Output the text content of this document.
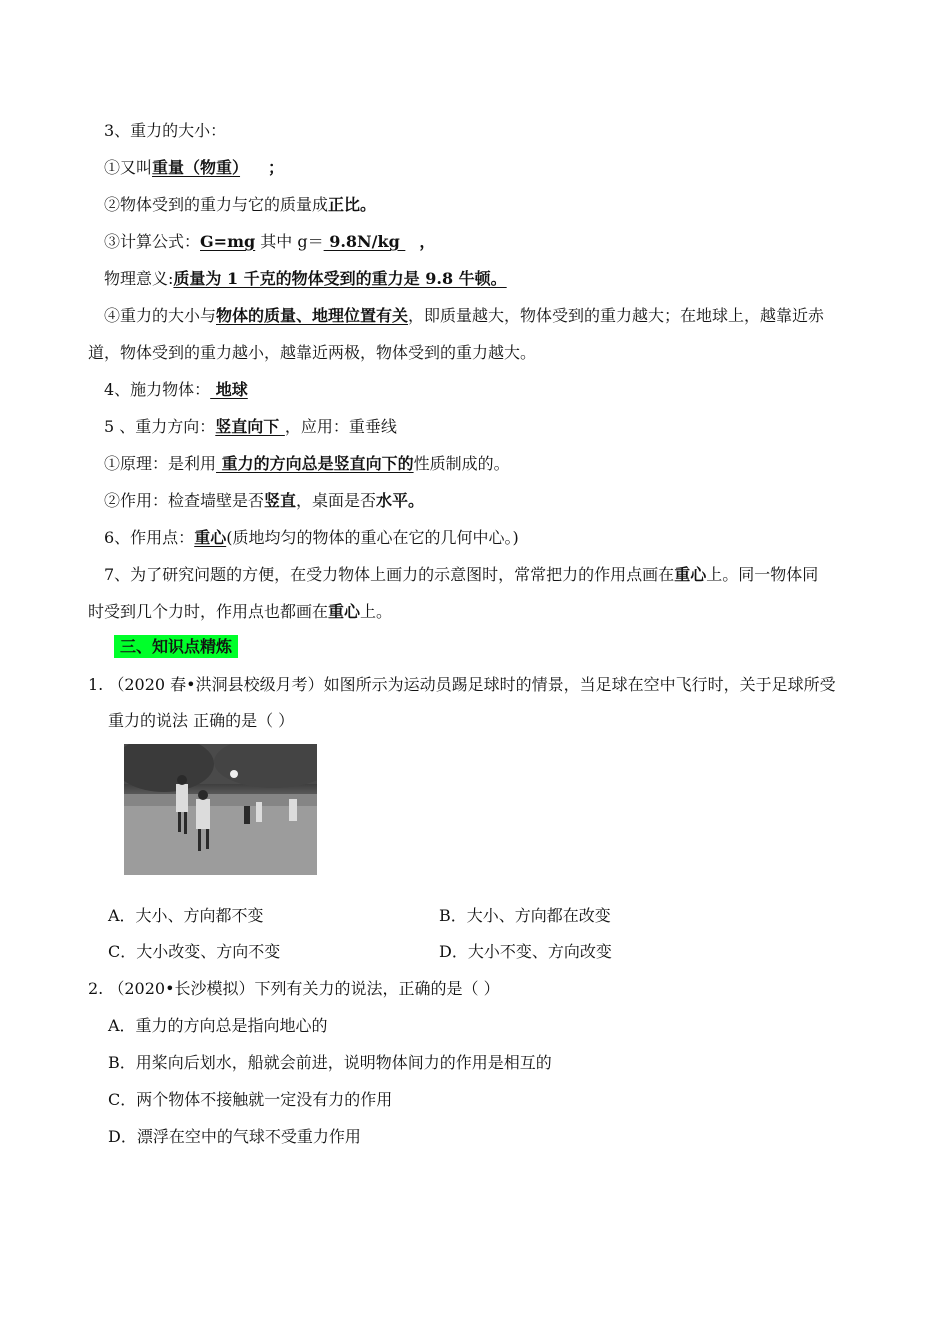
3、重力的大小：
①又叫重量（物重） ；
②物体受到的重力与它的质量成正比。
③计算公式：G=mg 其中 g＝ 9.8N/kg ，
物理意义:质量为 1 千克的物体受到的重力是 9.8 牛顿。
④重力的大小与物体的质量、地理位置有关，即质量越大，物体受到的重力越大；在地球上，越靠近赤
道，物体受到的重力越小，越靠近两极，物体受到的重力越大。
4、施力物体： 地球
5 、重力方向：竖直向下 ，应用：重垂线
①原理：是利用 重力的方向总是竖直向下的性质制成的。
②作用：检查墙壁是否竖直，桌面是否水平。
6、作用点：重心(质地均匀的物体的重心在它的几何中心。)
7、为了研究问题的方便，在受力物体上画力的示意图时，常常把力的作用点画在重心上。同一物体同
时受到几个力时，作用点也都画在重心上。
三、知识点精炼
1. （2020 春•洪洞县校级月考）如图所示为运动员踢足球时的情景，当足球在空中飞行时，关于足球所受
重力的说法 正确的是（ ）
A．大小、方向都不变	B．大小、方向都在改变
C．大小改变、方向不变	D．大小不变、方向改变
2. （2020•长沙模拟）下列有关力的说法，正确的是（ ）
A．重力的方向总是指向地心的
B．用桨向后划水，船就会前进，说明物体间力的作用是相互的
C．两个物体不接触就一定没有力的作用
D．漂浮在空中的气球不受重力作用
